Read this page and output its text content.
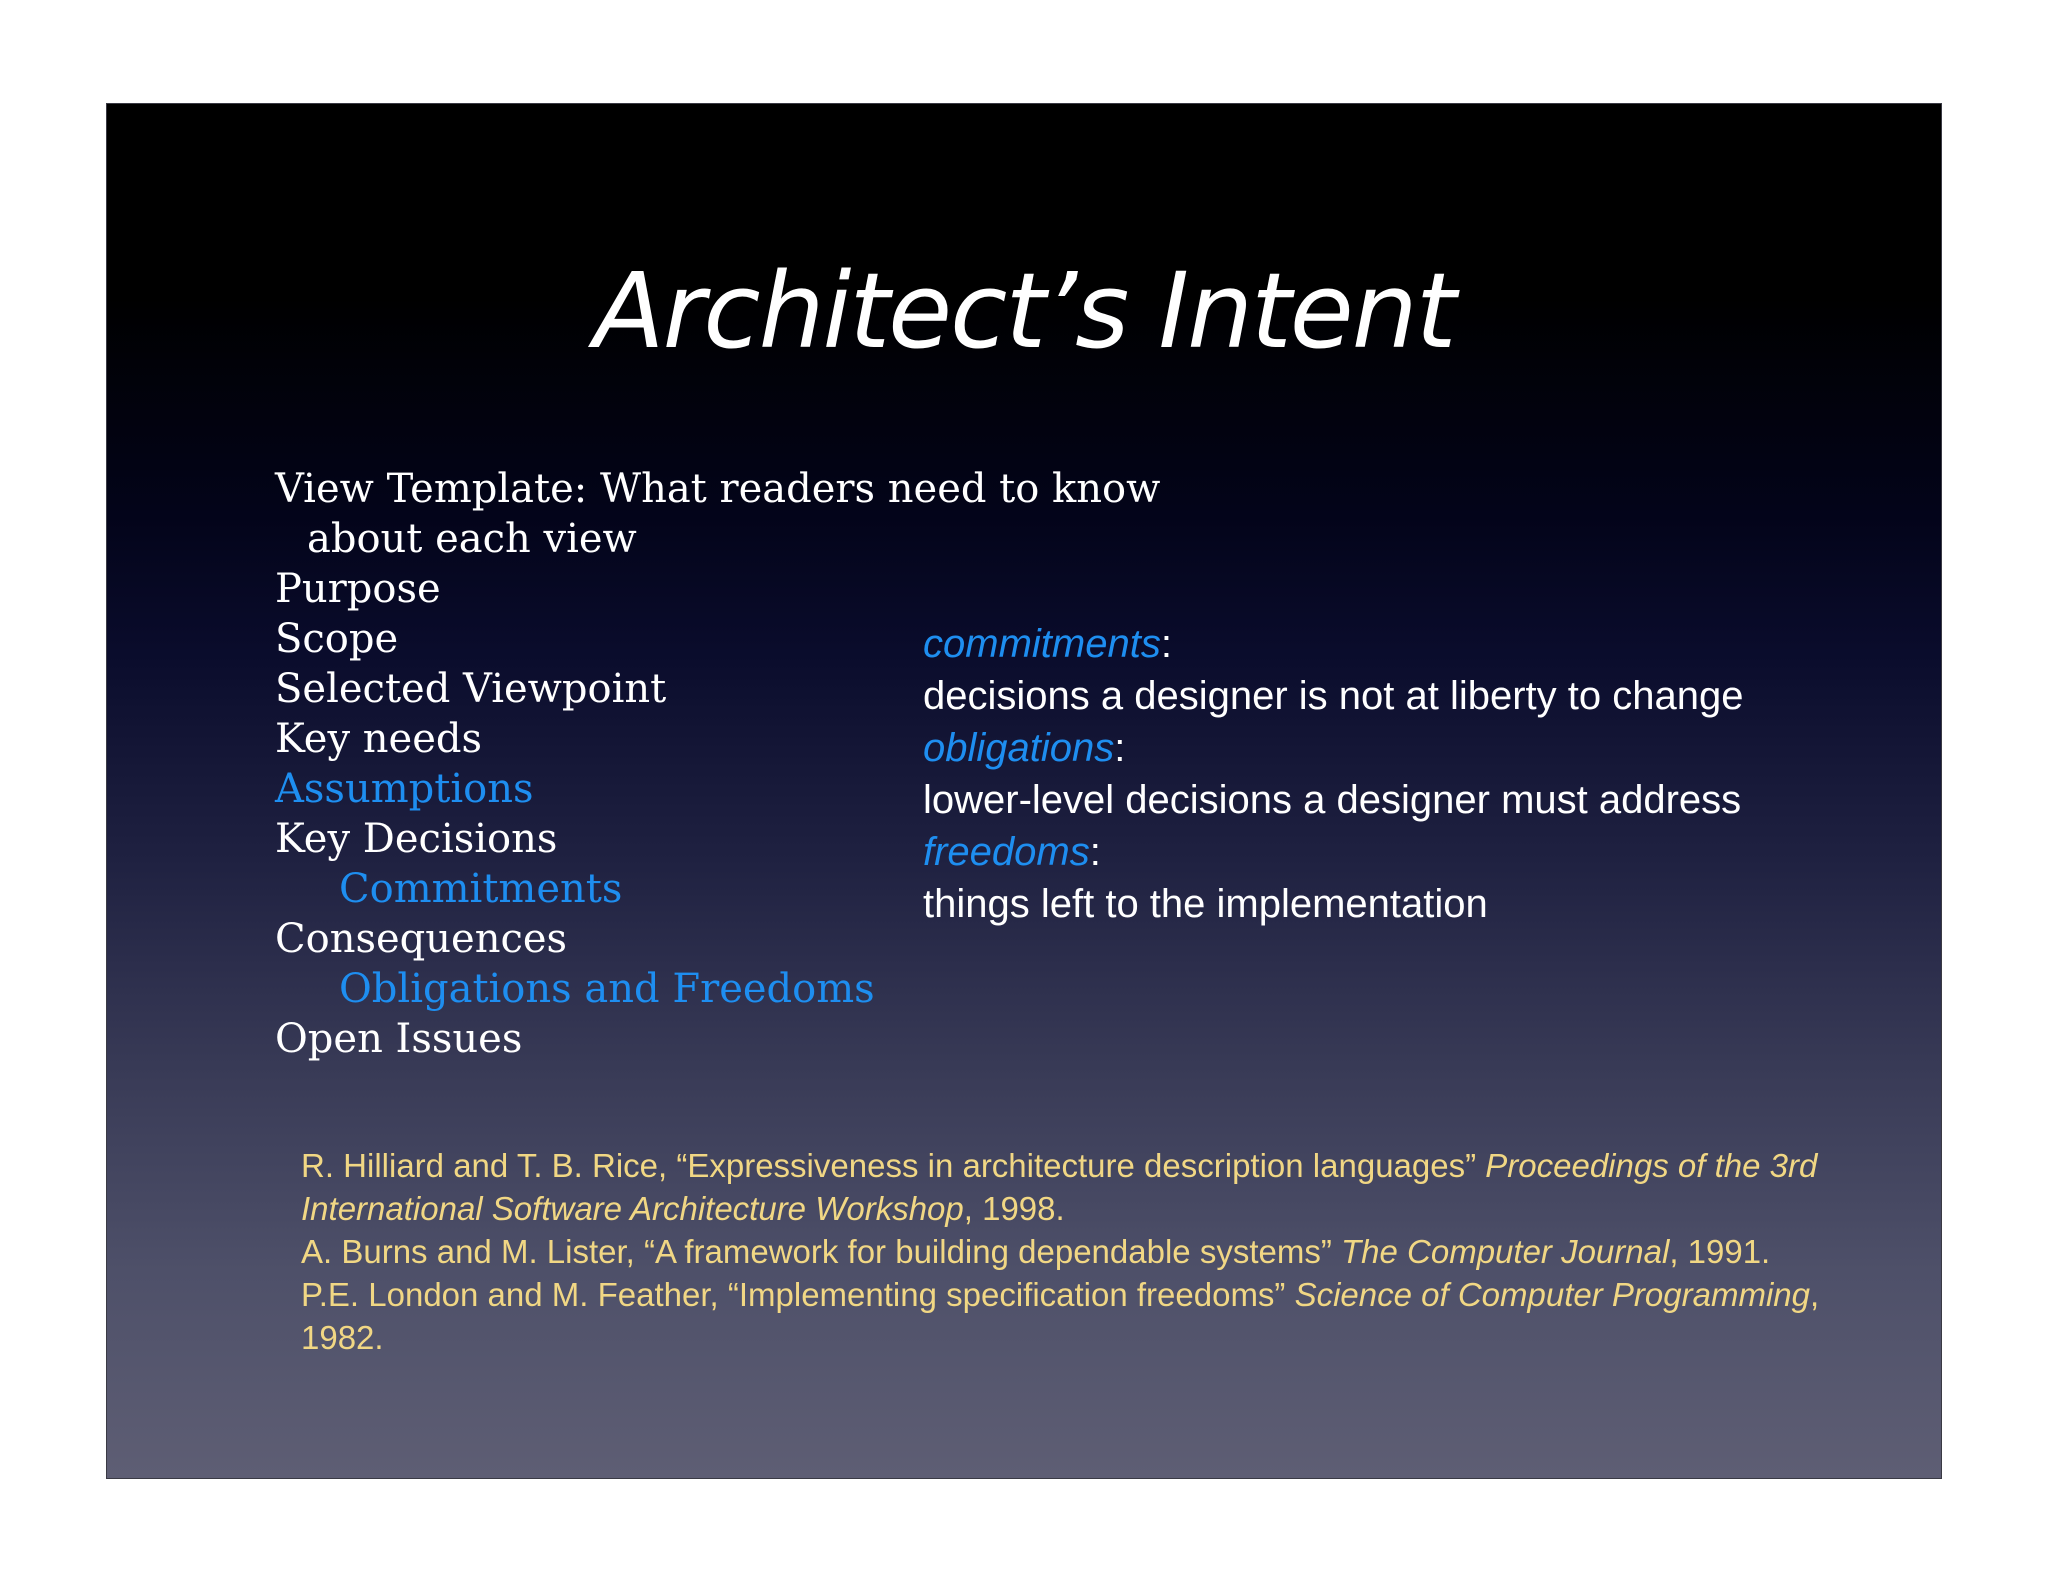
Architect’s Intent
View Template: What readers need to know
about each view
Purpose
Scope
Selected Viewpoint
Key needs
Assumptions
Key Decisions
Commitments
Consequences
Obligations and Freedoms
Open Issues
commitments:
decisions a designer is not at liberty to change
obligations:
lower-level decisions a designer must address
freedoms:
things left to the implementation

R. Hilliard and T. B. Rice, “Expressiveness in architecture description languages” Proceedings of the 3rd International Software Architecture Workshop, 1998.

A. Burns and M. Lister, “A framework for building dependable systems” The Computer Journal, 1991.

P.E. London and M. Feather, “Implementing specification freedoms” Science of Computer Programming, 1982.
